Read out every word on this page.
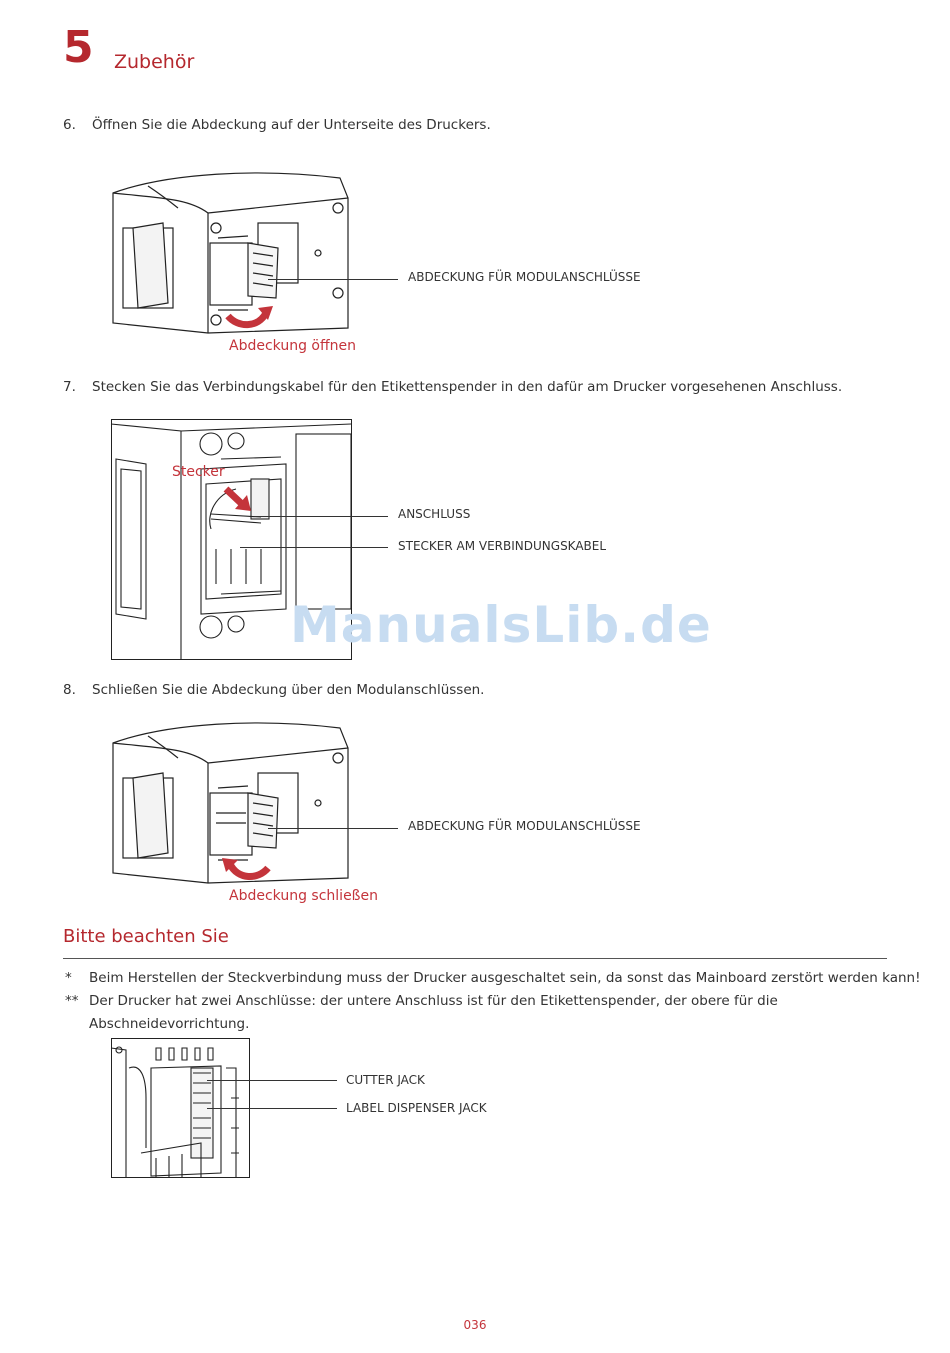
5 Zubehör
6. Öffnen Sie die Abdeckung auf der Unterseite des Druckers.
ABDECKUNG FÜR MODULANSCHLÜSSE
Abdeckung öffnen
7. Stecken Sie das Verbindungskabel für den Etikettenspender in den dafür am Drucker vorgesehenen Anschluss.
Stecker
ANSCHLUSS
STECKER AM VERBINDUNGSKABEL
ManualsLib.de
8. Schließen Sie die Abdeckung über den Modulanschlüssen.
ABDECKUNG FÜR MODULANSCHLÜSSE
Abdeckung schließen
Bitte beachten Sie
* Beim Herstellen der Steckverbindung muss der Drucker ausgeschaltet sein, da sonst das Mainboard zerstört werden kann!
** Der Drucker hat zwei Anschlüsse: der untere Anschluss ist für den Etikettenspender, der obere für die
Abschneidevorrichtung.
CUTTER JACK
LABEL DISPENSER JACK
036
